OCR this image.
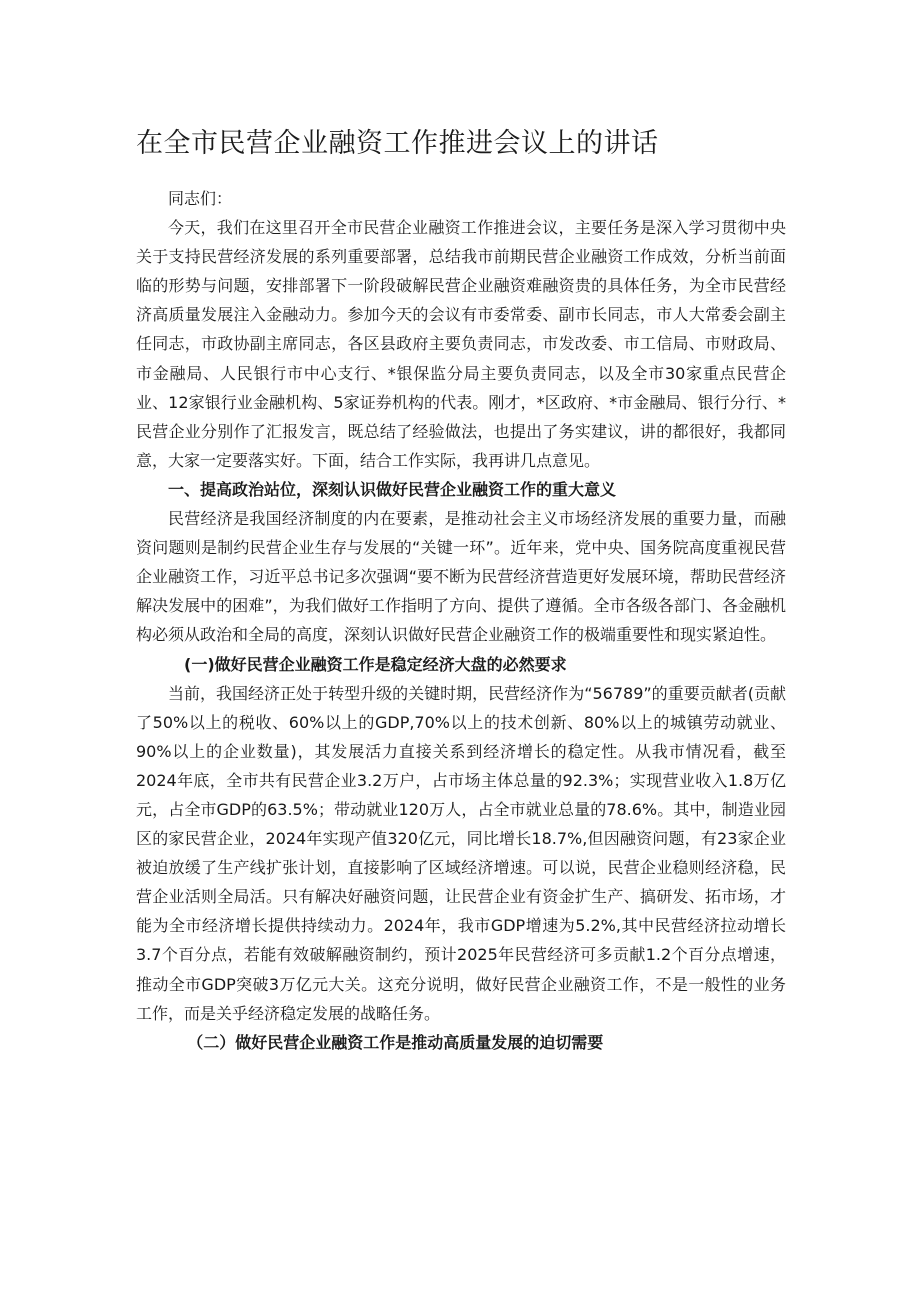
在全市民营企业融资工作推进会议上的讲话

同志们：

今天，我们在这里召开全市民营企业融资工作推进会议，主要任务是深入学习贯彻中央关于支持民营经济发展的系列重要部署，总结我市前期民营企业融资工作成效，分析当前面临的形势与问题，安排部署下一阶段破解民营企业融资难融资贵的具体任务，为全市民营经济高质量发展注入金融动力。参加今天的会议有市委常委、副市长同志，市人大常委会副主任同志，市政协副主席同志，各区县政府主要负责同志，市发改委、市工信局、市财政局、市金融局、人民银行市中心支行、*银保监分局主要负责同志，以及全市30家重点民营企业、12家银行业金融机构、5家证券机构的代表。刚才，*区政府、*市金融局、银行分行、*民营企业分别作了汇报发言，既总结了经验做法，也提出了务实建议，讲的都很好，我都同意，大家一定要落实好。下面，结合工作实际，我再讲几点意见。

一、提高政治站位，深刻认识做好民营企业融资工作的重大意义

民营经济是我国经济制度的内在要素，是推动社会主义市场经济发展的重要力量，而融资问题则是制约民营企业生存与发展的“关键一环”。近年来，党中央、国务院高度重视民营企业融资工作，习近平总书记多次强调“要不断为民营经济营造更好发展环境，帮助民营经济解决发展中的困难”，为我们做好工作指明了方向、提供了遵循。全市各级各部门、各金融机构必须从政治和全局的高度，深刻认识做好民营企业融资工作的极端重要性和现实紧迫性。

(一)做好民营企业融资工作是稳定经济大盘的必然要求

当前，我国经济正处于转型升级的关键时期，民营经济作为“56789”的重要贡献者(贡献了50%以上的税收、60%以上的GDP,70%以上的技术创新、80%以上的城镇劳动就业、90%以上的企业数量)，其发展活力直接关系到经济增长的稳定性。从我市情况看，截至2024年底，全市共有民营企业3.2万户，占市场主体总量的92.3%；实现营业收入1.8万亿元，占全市GDP的63.5%；带动就业120万人，占全市就业总量的78.6%。其中，制造业园区的家民营企业，2024年实现产值320亿元，同比增长18.7%,但因融资问题，有23家企业被迫放缓了生产线扩张计划，直接影响了区域经济增速。可以说，民营企业稳则经济稳，民营企业活则全局活。只有解决好融资问题，让民营企业有资金扩生产、搞研发、拓市场，才能为全市经济增长提供持续动力。2024年，我市GDP增速为5.2%,其中民营经济拉动增长3.7个百分点，若能有效破解融资制约，预计2025年民营经济可多贡献1.2个百分点增速，推动全市GDP突破3万亿元大关。这充分说明，做好民营企业融资工作，不是一般性的业务工作，而是关乎经济稳定发展的战略任务。

（二）做好民营企业融资工作是推动高质量发展的迫切需要
